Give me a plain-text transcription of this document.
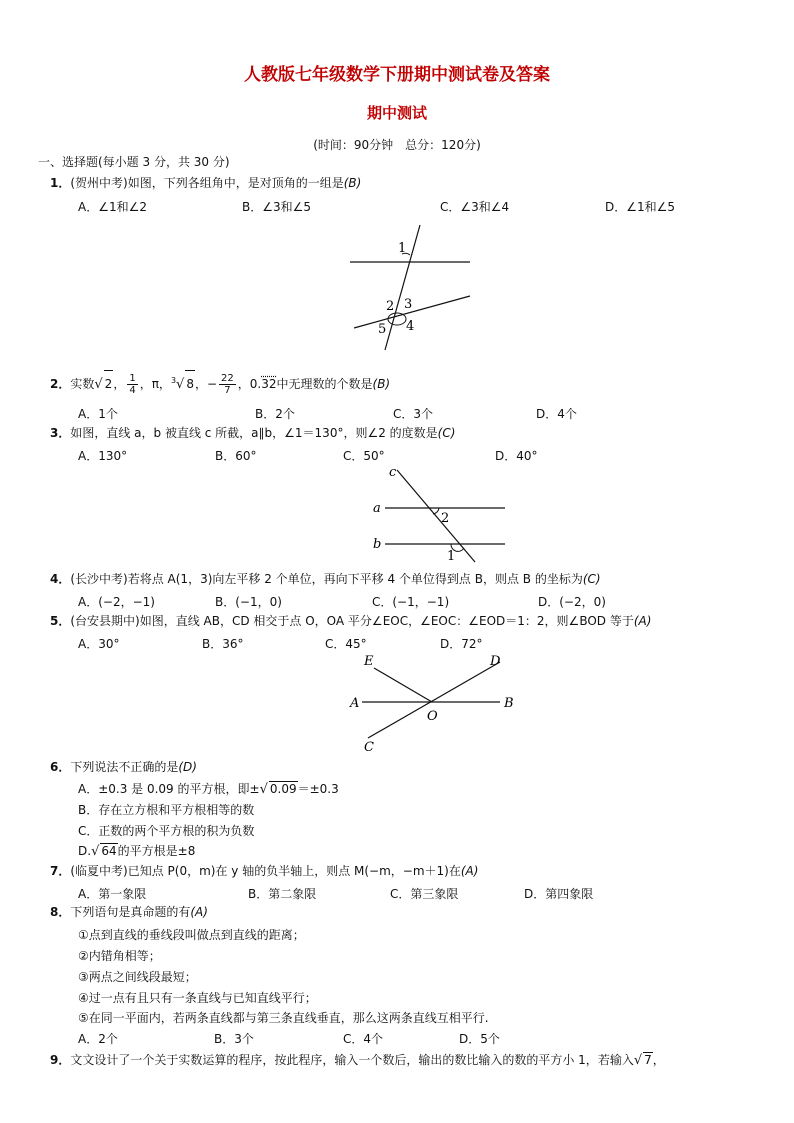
人教版七年级数学下册期中测试卷及答案
期中测试
(时间：90分钟　总分：120分)
一、选择题(每小题 3 分，共 30 分)
1．(贺州中考)如图，下列各组角中，是对顶角的一组是(B)
A．∠1和∠2	B．∠3和∠5	C．∠3和∠4	D．∠1和∠5
1
2 3
4
5
2．实数√ 2， $\frac{1}{4}$ ，π，$^3$√ 8，− $\frac{22}{7}$ ，0.32中无理数的个数是(B)
A．1个	B．2个	C．3个	D．4个
3．如图，直线 a，b 被直线 c 所截，a∥b，∠1＝130°，则∠2 的度数是(C)
A．130°	B．60°	C．50°	D．40°
c
a
2
b
1
4．(长沙中考)若将点 A(1，3)向左平移 2 个单位，再向下平移 4 个单位得到点 B，则点 B 的坐标为(C)
A．(−2，−1)	B．(−1，0)	C．(−1，−1)	D．(−2，0)
5．(台安县期中)如图，直线 AB，CD 相交于点 O，OA 平分∠EOC，∠EOC：∠EOD＝1：2，则∠BOD 等于(A)
A．30°	B．36°	C．45°	D．72°
E	D
A
O
B
C
6．下列说法不正确的是(D)
A．±0.3 是 0.09 的平方根，即±√ 0.09＝±0.3
B．存在立方根和平方根相等的数
C．正数的两个平方根的积为负数
D.√ 64的平方根是±8
7．(临夏中考)已知点 P(0，m)在 y 轴的负半轴上，则点 M(−m，−m＋1)在(A)
A．第一象限	B．第二象限	C．第三象限	D．第四象限
8．下列语句是真命题的有(A)
①点到直线的垂线段叫做点到直线的距离；
②内错角相等；
③两点之间线段最短；
④过一点有且只有一条直线与已知直线平行；
⑤在同一平面内，若两条直线都与第三条直线垂直，那么这两条直线互相平行.
A．2个	B．3个	C．4个	D．5个
9．文文设计了一个关于实数运算的程序，按此程序，输入一个数后，输出的数比输入的数的平方小 1，若输入√ 7，
